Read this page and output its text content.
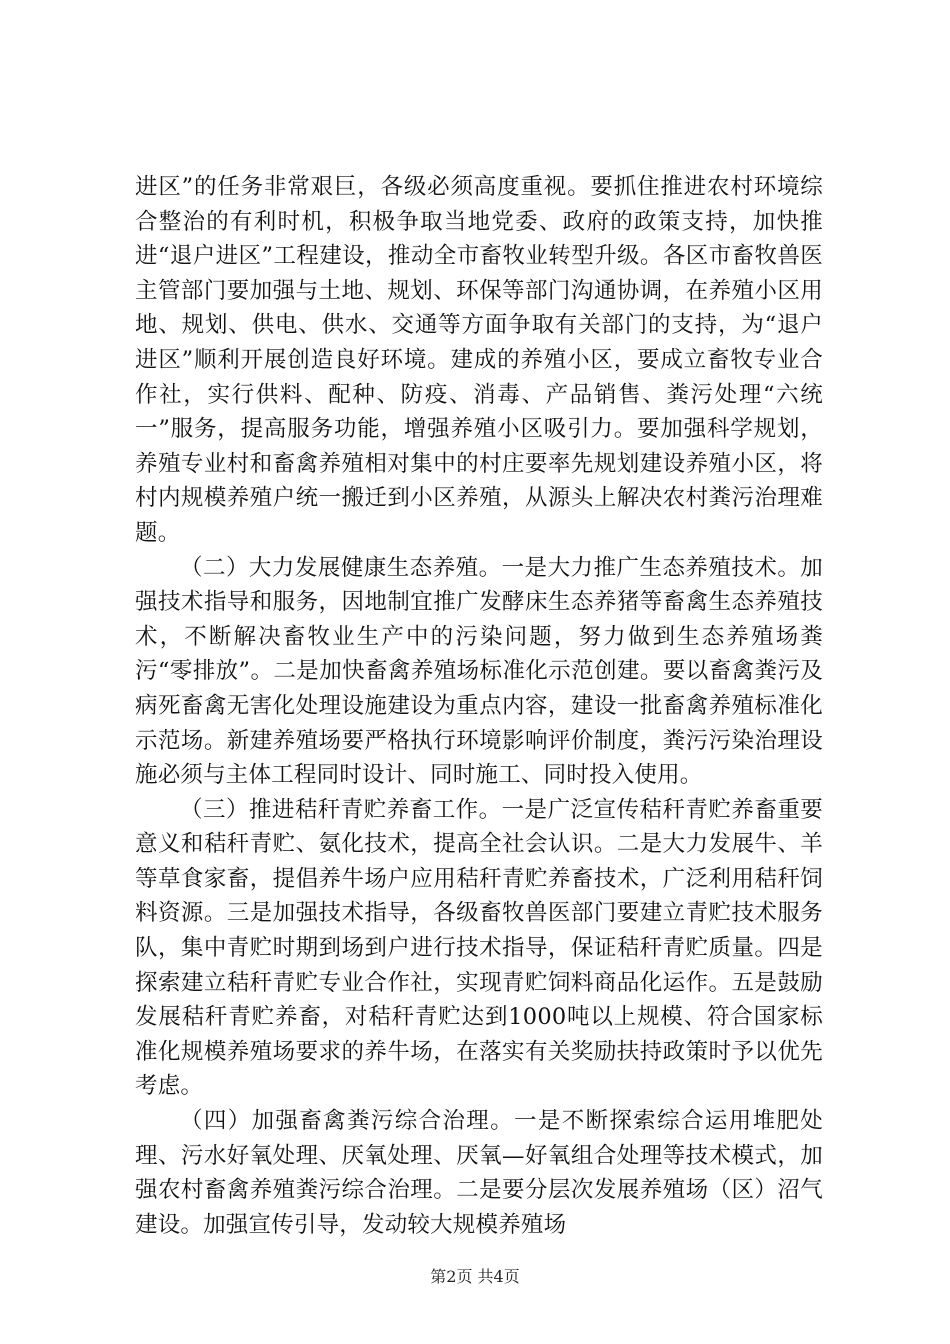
进区”的任务非常艰巨，各级必须高度重视。要抓住推进农村环境综合整治的有利时机，积极争取当地党委、政府的政策支持，加快推进“退户进区”工程建设，推动全市畜牧业转型升级。各区市畜牧兽医主管部门要加强与土地、规划、环保等部门沟通协调，在养殖小区用地、规划、供电、供水、交通等方面争取有关部门的支持，为“退户进区”顺利开展创造良好环境。建成的养殖小区，要成立畜牧专业合作社，实行供料、配种、防疫、消毒、产品销售、粪污处理“六统一”服务，提高服务功能，增强养殖小区吸引力。要加强科学规划，养殖专业村和畜禽养殖相对集中的村庄要率先规划建设养殖小区，将村内规模养殖户统一搬迁到小区养殖，从源头上解决农村粪污治理难题。

（二）大力发展健康生态养殖。一是大力推广生态养殖技术。加强技术指导和服务，因地制宜推广发酵床生态养猪等畜禽生态养殖技术，不断解决畜牧业生产中的污染问题，努力做到生态养殖场粪污“零排放”。二是加快畜禽养殖场标准化示范创建。要以畜禽粪污及病死畜禽无害化处理设施建设为重点内容，建设一批畜禽养殖标准化示范场。新建养殖场要严格执行环境影响评价制度，粪污污染治理设施必须与主体工程同时设计、同时施工、同时投入使用。

（三）推进秸秆青贮养畜工作。一是广泛宣传秸秆青贮养畜重要意义和秸秆青贮、氨化技术，提高全社会认识。二是大力发展牛、羊等草食家畜，提倡养牛场户应用秸秆青贮养畜技术，广泛利用秸秆饲料资源。三是加强技术指导，各级畜牧兽医部门要建立青贮技术服务队，集中青贮时期到场到户进行技术指导，保证秸秆青贮质量。四是探索建立秸秆青贮专业合作社，实现青贮饲料商品化运作。五是鼓励发展秸秆青贮养畜，对秸秆青贮达到1000吨以上规模、符合国家标准化规模养殖场要求的养牛场，在落实有关奖励扶持政策时予以优先考虑。

（四）加强畜禽粪污综合治理。一是不断探索综合运用堆肥处理、污水好氧处理、厌氧处理、厌氧—好氧组合处理等技术模式，加强农村畜禽养殖粪污综合治理。二是要分层次发展养殖场（区）沼气建设。加强宣传引导，发动较大规模养殖场

第2页 共4页
